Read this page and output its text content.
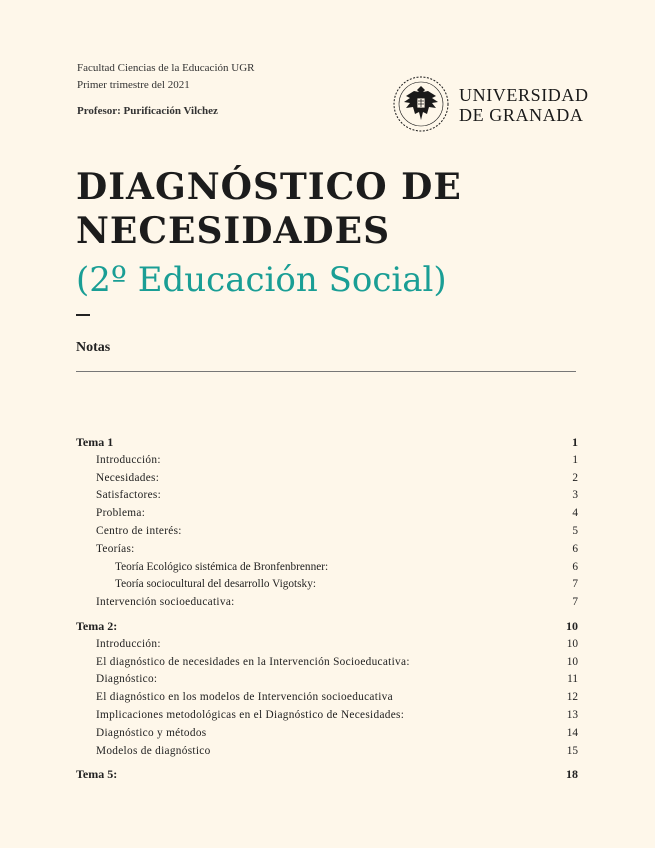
Facultad Ciencias de la Educación UGR
Primer trimestre del 2021
Profesor: Purificación Vilchez
UNIVERSIDAD
DE GRANADA
DIAGNÓSTICO DE
NECESIDADES
(2º Educación Social)
Notas
Tema 1	1
Introducción:	1
Necesidades:	2
Satisfactores:	3
Problema:	4
Centro de interés:	5
Teorías:	6
Teoría Ecológico sistémica de Bronfenbrenner:	6
Teoría sociocultural del desarrollo Vigotsky:	7
Intervención socioeducativa:	7
Tema 2:	10
Introducción:	10
El diagnóstico de necesidades en la Intervención Socioeducativa:	10
Diagnóstico:	11
El diagnóstico en los modelos de Intervención socioeducativa	12
Implicaciones metodológicas en el Diagnóstico de Necesidades:	13
Diagnóstico y métodos	14
Modelos de diagnóstico	15
Tema 5:	18
